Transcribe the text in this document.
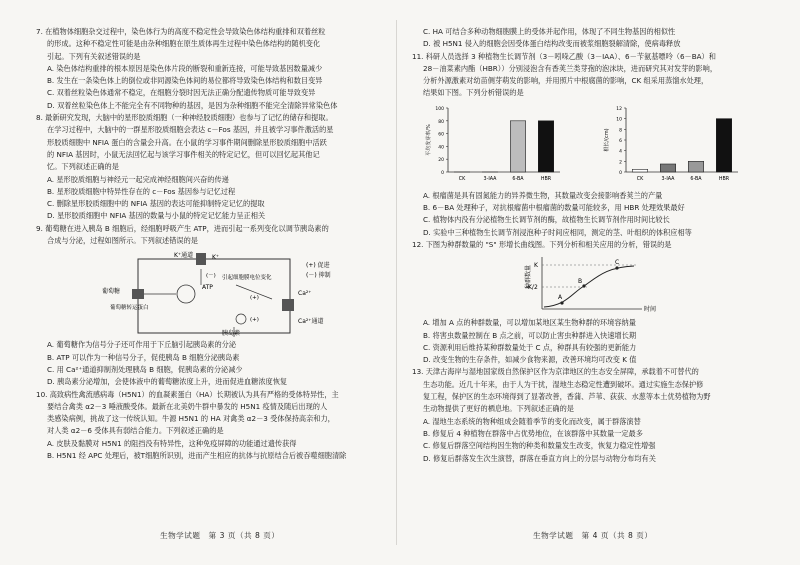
7. 在植物体细胞杂交过程中，染色体行为的高度不稳定性会导致染色体结构重排和双着丝粒

的形成。这种不稳定性可能是由杂种细胞在原生质体再生过程中染色体结构的随机变化

引起。下列有关叙述错误的是

A. 染色体结构重排的根本原因是染色体片段的断裂和重新连接，可能导致基因数量减少

B. 发生在一条染色体上的倒位或非同源染色体间的易位都将导致染色体结构和数目变异

C. 双着丝粒染色体通常不稳定，在细胞分裂时因无法正确分配遗传物质可能导致变异

D. 双着丝粒染色体上不能完全有不同物种的基因，是因为杂种细胞不能完全清除异常染色体

8. 最新研究发现，大脑中的星形胶质细胞（一种神经胶质细胞）也参与了记忆的储存和提取。

在学习过程中，大脑中的一群星形胶质细胞会表达 c－Fos 基因，并且被学习事件激活的星

形胶质细胞中 NFIA 蛋白的含量会升高。在小鼠的学习事件期间删除星形胶质细胞中活跃

的 NFIA 基因时，小鼠无法回忆起与该学习事件相关的特定记忆，但可以回忆起其他记

忆。下列叙述正确的是

A. 星形胶质细胞与神经元一起完成神经细胞间兴奋的传递

B. 星形胶质细胞中特异性存在的 c－Fos 基因参与记忆过程

C. 删除星形胶质细胞中的 NFIA 基因的表达可能抑制特定记忆的提取

D. 星形胶质细胞中 NFIA 基因的数量与小鼠的特定记忆能力呈正相关

9. 葡萄糖在进入胰岛 B 细胞后，经细胞呼吸产生 ATP，进而引起一系列变化以调节胰岛素的

合成与分泌，过程如图所示。下列叙述错误的是

K⁺通道	K⁺
葡萄糖
葡萄糖转运蛋白
ATP
(－) 引起细胞膜电位变化
(+)
Ca²⁺
Ca²⁺通道
(+)
胰岛素
(+) 促进
(－) 抑制

A. 葡萄糖作为信号分子还可作用于下丘脑引起胰岛素的分泌

B. ATP 可以作为一种信号分子，促使胰岛 B 细胞分泌胰岛素

C. 用 Ca²⁺通道抑制剂处理胰岛 B 细胞，促胰岛素的分泌减少

D. 胰岛素分泌增加，会使体液中的葡萄糖浓度上升，进而促进血糖浓度恢复

10. 高致病性禽流感病毒（H5N1）的血凝素蛋白（HA）长期被认为具有严格的受体特异性，主

要结合禽类 α2－3 唾液酸受体。最新在北美奶牛群中暴发的 H5N1 疫情及随后出现的人

类感染病例，挑战了这一传统认知。牛源 H5N1 的 HA 对禽类 α2－3 受体保持高亲和力，

对人类 α2－6 受体具有弱结合能力。下列叙述正确的是

A. 皮肤及黏膜对 H5N1 的阻挡没有特异性，这种免疫屏障的功能通过遗传获得

B. H5N1 经 APC 处理后，被T细胞所识别，进而产生相应的抗体与抗原结合后被吞噬细胞清除

C. HA 可结合多种动物细胞膜上的受体并起作用，体现了不同生物基因的相似性

D. 被 H5N1 侵入的细胞会因受体蛋白结构改变而被浆细胞裂解清除，使病毒释放

11. 科研人员选择 3 种植物生长调节剂（3－吲哚乙酸（3－IAA）、6－苄氨基嘌呤（6－BA）和

28－油菜素内酯（HBR））分别浸泡含有香荚兰类芽孢的泡沫块，进而研究其对发芽的影响，

分析外源激素对幼苗侧芽萌发的影响，并用照片中根腐菌的影响，CK 组采用蒸馏水处理，

结果如下图。下列分析错误的是

0
20
40
60
80
100
平均发芽率/%
CK	3-IAA	6-BA	HBR
0
2
4
6
8
10
12
根长/(cm)
CK	3-IAA	6-BA	HBR

A. 根瘤菌是具有固氮能力的异养微生物，其数量改变会接影响香荚兰的产量

B. 6－BA 处理种子，对抗根瘤菌中根瘤菌的数量可能较多，用 HBR 处理效果最好

C. 植物体内没有分泌植物生长调节剂的酶，故植物生长调节剂作用时间比较长

D. 实验中三种植物生长调节剂浸泡种子时间应相同，测定的茎、叶组织的体积应相等

12. 下图为种群数量的 "S" 形增长曲线图。下列分析和相关应用的分析，错误的是

种群数量 K
K/2
A
B
C
时间

A. 增加 A 点的种群数量，可以增加某地区某生物种群的环境容纳量

B. 将害虫数量控制在 B 点之前，可以防止害虫种群进入快速增长期

C. 资源利用后维持某种群数量处于 C 点，种群具有较强的更新能力

D. 改变生物的生存条件，如减少食物来源，改善环境均可改变 K 值

13. 天津古海岸与湿地国家级自然保护区作为京津地区的生态安全屏障，承载着不可替代的

生态功能。近几十年来，由于人为干扰，湿地生态稳定性遭到破坏。通过实施生态保护修

复工程，保护区的生态环境得到了显著改善，香蒲、芦苇、荻荻、水葱等本土优势植物为野

生动物提供了更好的栖息地。下列叙述正确的是

A. 湿地生态系统的物种组成会随着季节的变化而改变，属于群落演替

B. 修复后 4 种植物在群落中占优势地位，在该群落中其数量一定最多

C. 修复后群落空间结构因生物的种类和数量发生改变，恢复力稳定性增强

D. 修复后群落发生次生演替，群落在垂直方向上的分层与动物分布均有关

生物学试题　第 3 页（共 8 页）	生物学试题　第 4 页（共 8 页）
